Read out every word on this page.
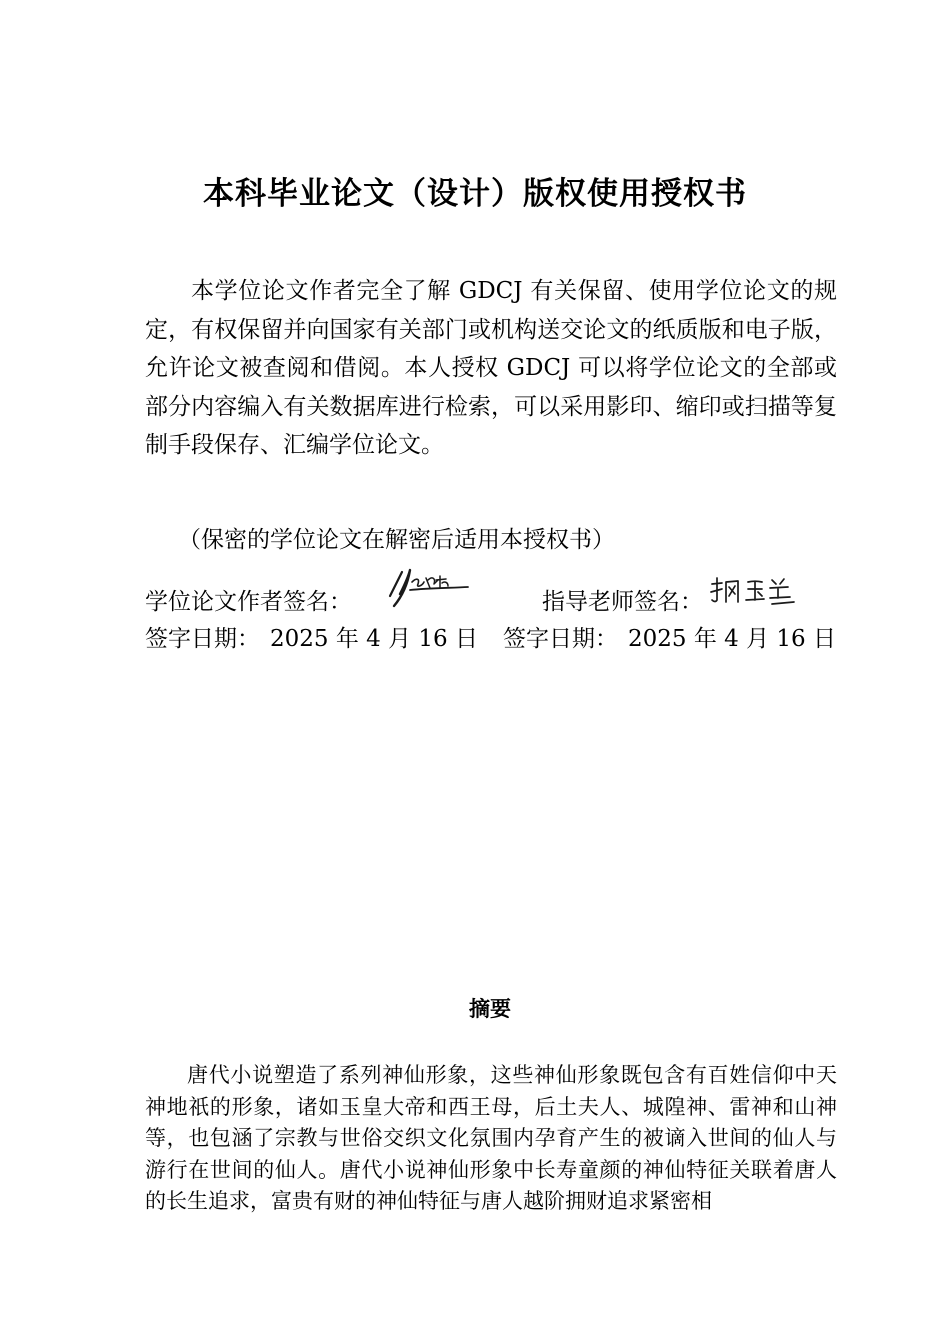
本科毕业论文（设计）版权使用授权书

本学位论文作者完全了解 GDCJ 有关保留、使用学位论文的规定，有权保留并向国家有关部门或机构送交论文的纸质版和电子版，允许论文被查阅和借阅。本人授权 GDCJ 可以将学位论文的全部或部分内容编入有关数据库进行检索，可以采用影印、缩印或扫描等复制手段保存、汇编学位论文。

（保密的学位论文在解密后适用本授权书）
学位论文作者签名：	指导老师签名：
签字日期： 2025 年 4 月 16 日 签字日期： 2025 年 4 月 16 日
摘要

唐代小说塑造了系列神仙形象，这些神仙形象既包含有百姓信仰中天神地祇的形象，诸如玉皇大帝和西王母，后土夫人、城隍神、雷神和山神等，也包涵了宗教与世俗交织文化氛围内孕育产生的被谪入世间的仙人与游行在世间的仙人。唐代小说神仙形象中长寿童颜的神仙特征关联着唐人的长生追求，富贵有财的神仙特征与唐人越阶拥财追求紧密相
